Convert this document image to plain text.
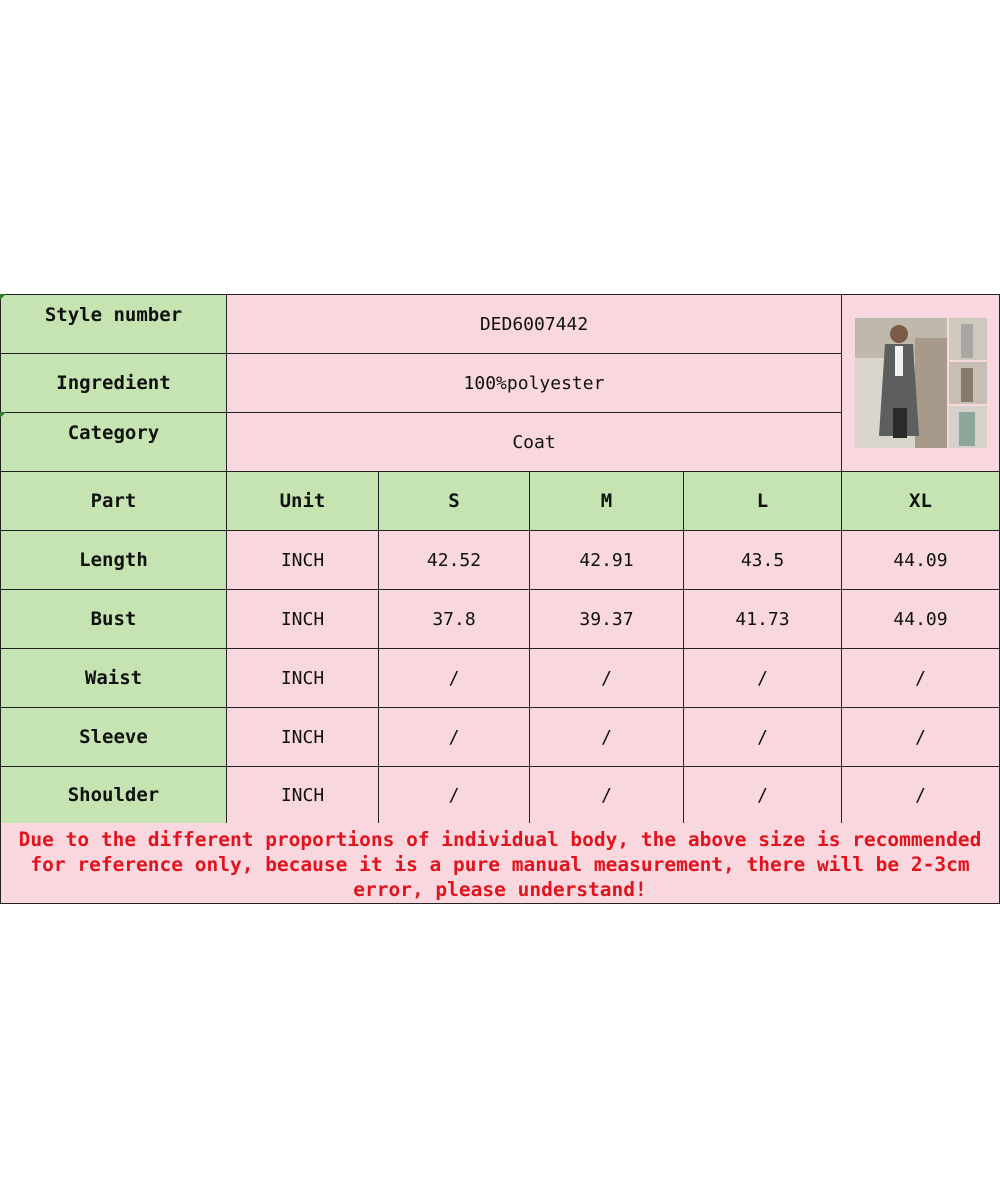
Style number	DED6007442
Ingredient	100%polyester
Category	Coat
Part	Unit	S	M	L	XL
Length	INCH	42.52	42.91	43.5	44.09
Bust	INCH	37.8	39.37	41.73	44.09
Waist	INCH	/	/	/	/
Sleeve	INCH	/	/	/	/
Shoulder	INCH	/	/	/	/
Due to the different proportions of individual body, the above size is recommended for reference only, because it is a pure manual measurement, there will be 2-3cm error, please understand!
